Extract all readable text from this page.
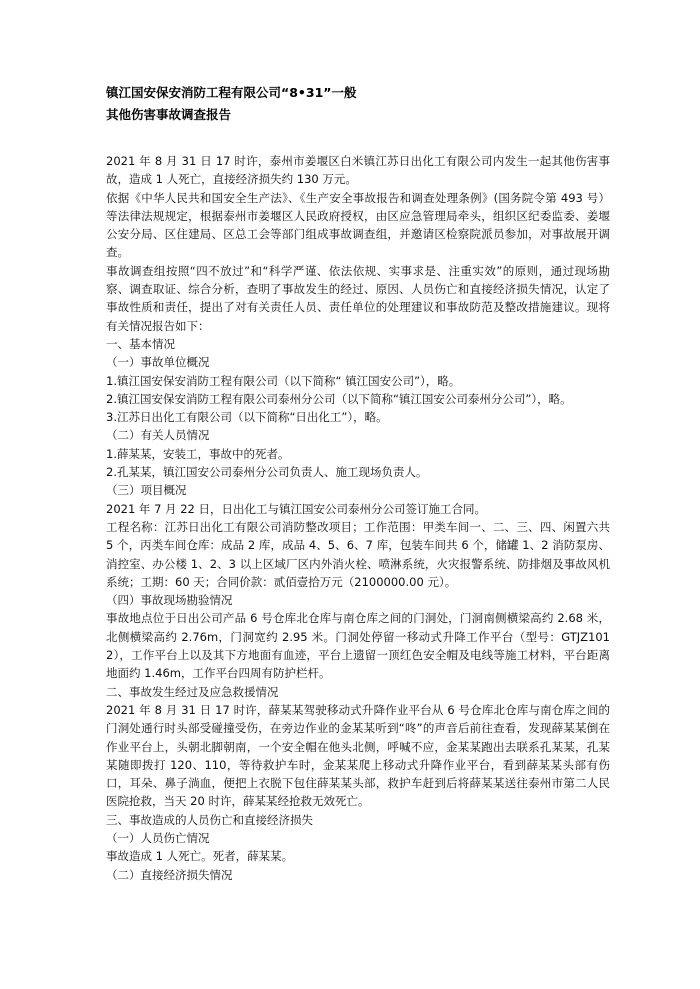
镇江国安保安消防工程有限公司“8•31”一般
其他伤害事故调查报告

2021 年 8 月 31 日 17 时许，泰州市姜堰区白米镇江苏日出化工有限公司内发生一起其他伤害事故，造成 1 人死亡，直接经济损失约 130 万元。

依据《中华人民共和国安全生产法》、《生产安全事故报告和调查处理条例》(国务院令第 493 号）等法律法规规定，根据泰州市姜堰区人民政府授权，由区应急管理局牵头，组织区纪委监委、姜堰公安分局、区住建局、区总工会等部门组成事故调查组，并邀请区检察院派员参加，对事故展开调查。

事故调查组按照“四不放过”和“科学严谨、依法依规、实事求是、注重实效”的原则，通过现场勘察、调查取证、综合分析，查明了事故发生的经过、原因、人员伤亡和直接经济损失情况，认定了事故性质和责任，提出了对有关责任人员、责任单位的处理建议和事故防范及整改措施建议。现将有关情况报告如下：

一、基本情况

（一）事故单位概况

1.镇江国安保安消防工程有限公司（以下简称“ 镇江国安公司”），略。

2.镇江国安保安消防工程有限公司泰州分公司（以下简称“镇江国安公司泰州分公司”），略。

3.江苏日出化工有限公司（以下简称“日出化工”），略。

（二）有关人员情况

1.薛某某，安装工，事故中的死者。

2.孔某某，镇江国安公司泰州分公司负责人、施工现场负责人。

（三）项目概况

2021 年 7 月 22 日，日出化工与镇江国安公司泰州分公司签订施工合同。

工程名称：江苏日出化工有限公司消防整改项目；工作范围：甲类车间一、二、三、四、闲置六共 5 个，丙类车间仓库：成品 2 库，成品 4、5、6、7 库，包装车间共 6 个，储罐 1、2 消防泵房、消控室、办公楼 1、2、3 以上区域厂区内外消火栓、喷淋系统，火灾报警系统、防排烟及事故风机系统；工期：60 天；合同价款：贰佰壹拾万元（2100000.00 元）。

（四）事故现场勘验情况

事故地点位于日出公司产品 6 号仓库北仓库与南仓库之间的门洞处，门洞南侧横梁高约 2.68 米，北侧横梁高约 2.76m，门洞宽约 2.95 米。门洞处停留一移动式升降工作平台（型号：GTJZ1012），工作平台上以及其下方地面有血迹，平台上遗留一顶红色安全帽及电线等施工材料，平台距离地面约 1.46m，工作平台四周有防护栏杆。

二、事故发生经过及应急救援情况

2021 年 8 月 31 日 17 时许，薛某某驾驶移动式升降作业平台从 6 号仓库北仓库与南仓库之间的门洞处通行时头部受碰撞受伤，在旁边作业的金某某听到“咚”的声音后前往查看，发现薛某某倒在作业平台上，头朝北脚朝南，一个安全帽在他头北侧，呼喊不应，金某某跑出去联系孔某某，孔某某随即拨打 120、110，等待救护车时，金某某爬上移动式升降作业平台，看到薛某某头部有伤口，耳朵、鼻子淌血，便把上衣脱下包住薛某某头部，救护车赶到后将薛某某送往泰州市第二人民医院抢救，当天 20 时许，薛某某经抢救无效死亡。

三、事故造成的人员伤亡和直接经济损失

（一）人员伤亡情况

事故造成 1 人死亡。死者，薛某某。

（二）直接经济损失情况
